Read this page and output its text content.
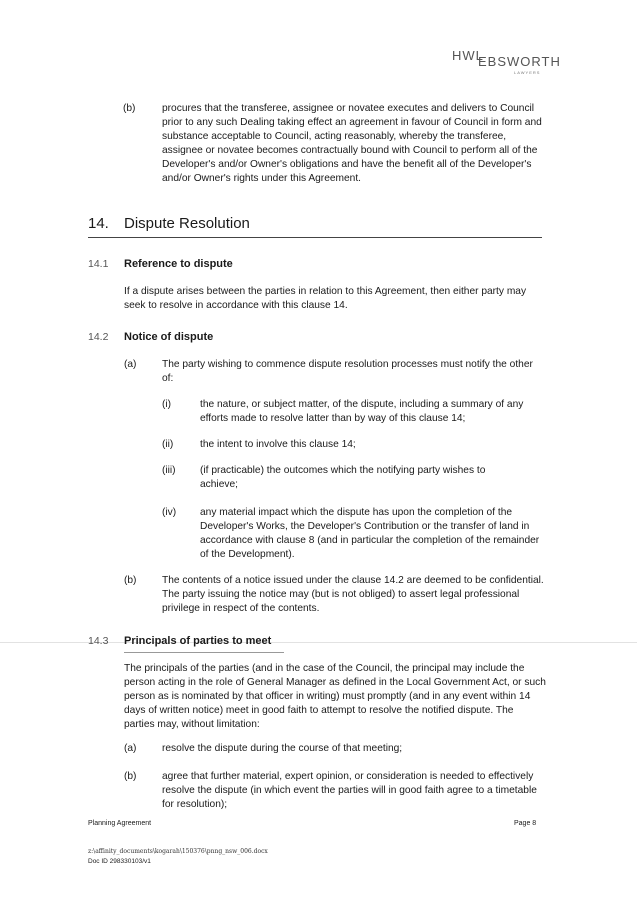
HWL
EBSWORTH
LAWYERS
(b)	procures that the transferee, assignee or novatee executes and delivers to Council prior to any such Dealing taking effect an agreement in favour of Council in form and substance acceptable to Council, acting reasonably, whereby the transferee, assignee or novatee becomes contractually bound with Council to perform all of the Developer's and/or Owner's obligations and have the benefit all of the Developer's and/or Owner's rights under this Agreement.

14. Dispute Resolution
14.1 Reference to dispute

If a dispute arises between the parties in relation to this Agreement, then either party may seek to resolve in accordance with this clause 14.

14.2 Notice of dispute
(a)	The party wishing to commence dispute resolution processes must notify the other of:

(i)	the nature, or subject matter, of the dispute, including a summary of any efforts made to resolve latter than by way of this clause 14;

(ii)	the intent to involve this clause 14;

(iii) (if practicable) the outcomes which the notifying party wishes to achieve;

(iv) any material impact which the dispute has upon the completion of the Developer's Works, the Developer's Contribution or the transfer of land in accordance with clause 8 (and in particular the completion of the remainder of the Development).

(b)	The contents of a notice issued under the clause 14.2 are deemed to be confidential. The party issuing the notice may (but is not obliged) to assert legal professional privilege in respect of the contents.

14.3 Principals of parties to meet

The principals of the parties (and in the case of the Council, the principal may include the person acting in the role of General Manager as defined in the Local Government Act, or such person as is nominated by that officer in writing) must promptly (and in any event within 14 days of written notice) meet in good faith to attempt to resolve the notified dispute. The parties may, without limitation:

(a)	resolve the dispute during the course of that meeting;

(b)	agree that further material, expert opinion, or consideration is needed to effectively resolve the dispute (in which event the parties will in good faith agree to a timetable for resolution);

Planning Agreement	Page 8
z:\affinity_documents\kogarah\150376\pnng_nsw_006.docx
Doc ID 298330103/v1
